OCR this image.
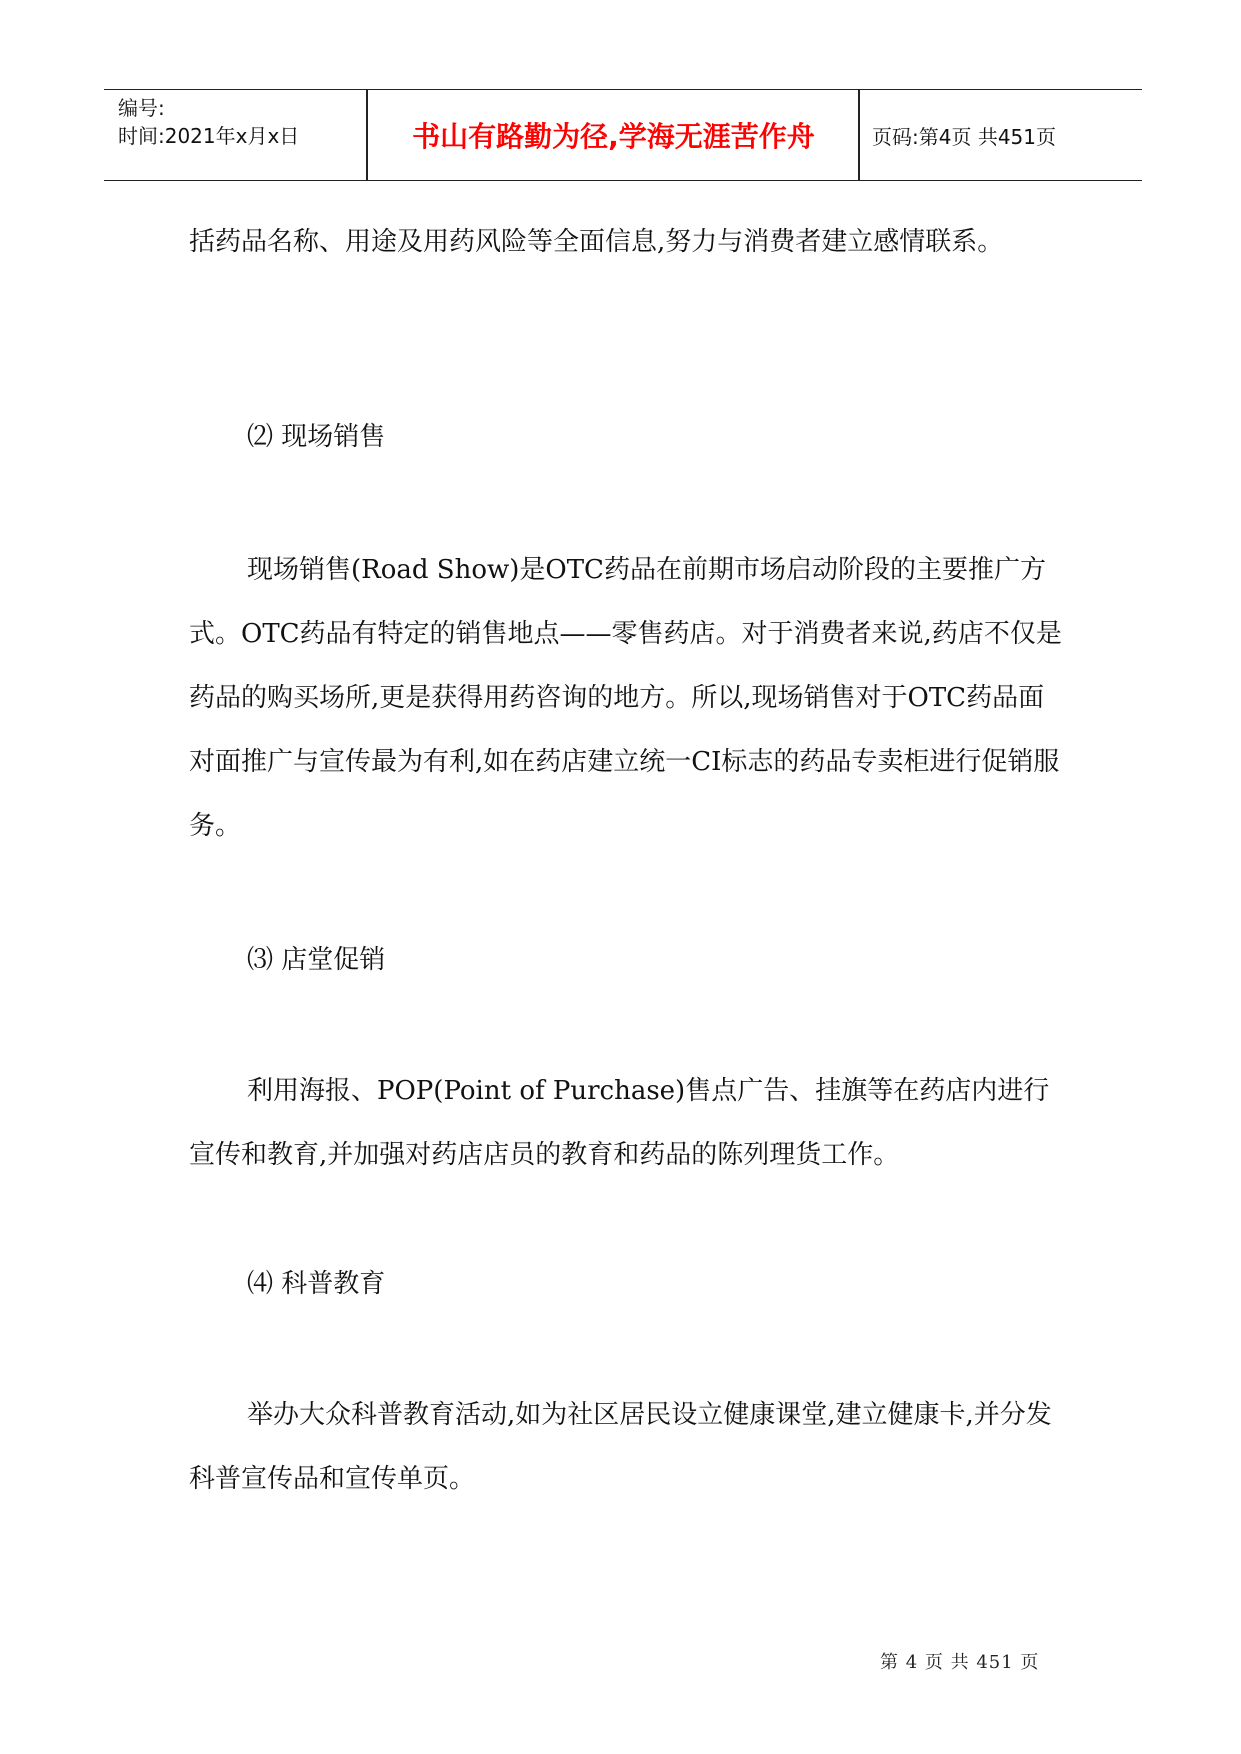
编号:
时间:2021年x月x日	书山有路勤为径,学海无涯苦作舟	页码:第4页 共451页

括药品名称、用途及用药风险等全面信息,努力与消费者建立感情联系。

⑵ 现场销售

现场销售(Road Show)是OTC药品在前期市场启动阶段的主要推广方式。OTC药品有特定的销售地点——零售药店。对于消费者来说,药店不仅是药品的购买场所,更是获得用药咨询的地方。所以,现场销售对于OTC药品面对面推广与宣传最为有利,如在药店建立统一CI标志的药品专卖柜进行促销服务。

⑶ 店堂促销

利用海报、POP(Point of Purchase)售点广告、挂旗等在药店内进行宣传和教育,并加强对药店店员的教育和药品的陈列理货工作。

⑷ 科普教育

举办大众科普教育活动,如为社区居民设立健康课堂,建立健康卡,并分发科普宣传品和宣传单页。

第 4 页 共 451 页
